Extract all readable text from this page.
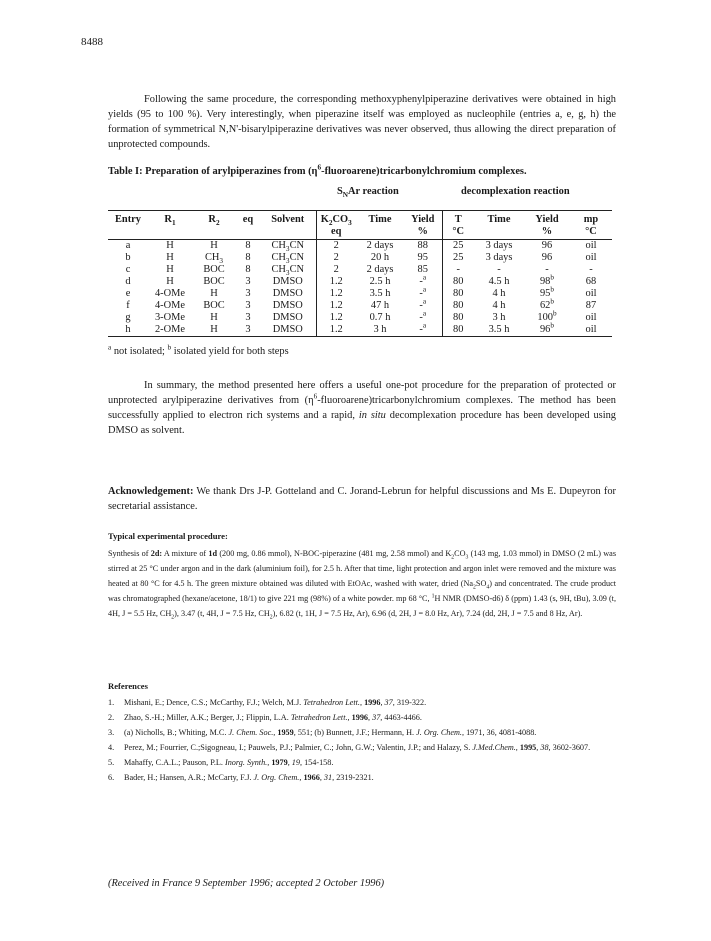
8488

Following the same procedure, the corresponding methoxyphenylpiperazine derivatives were obtained in high yields (95 to 100 %). Very interestingly, when piperazine itself was employed as nucleophile (entries a, e, g, h) the formation of symmetrical N,N'-bisarylpiperazine derivatives was never observed, thus allowing the direct preparation of unprotected compounds.

Table I: Preparation of arylpiperazines from $(\eta^6-fluoroarene)tricarbonylchromium$ complexes.
$S_NAr$ reaction	decomplexation reaction
Entry	$R_1$	$R_2$	eq	Solvent	$K_2CO_3$	Time	Yield	T	Time	Yield	mp
					eq		%	°C		%	°C
a	H	H	8	$CH_3CN$	2	2 days	88	25	3 days	96	oil
b	H	$CH_3$	8	$CH_3CN$	2	20 h	95	25	3 days	96	oil
c	H	BOC	8	$CH_3CN$	2	2 days	85	-	-	-	-
d	H	BOC	3	DMSO	1.2	2.5 h	-$^a$	80	4.5 h	98$^b$	68
e	4-OMe	H	3	DMSO	1.2	3.5 h	-$^a$	80	4 h	95$^b$	oil
f	4-OMe	BOC	3	DMSO	1.2	47 h	-$^a$	80	4 h	62$^b$	87
g	3-OMe	H	3	DMSO	1.2	0.7 h	-$^a$	80	3 h	100$^b$	oil
h	2-OMe	H	3	DMSO	1.2	3 h	-$^a$	80	3.5 h	96$^b$	oil
$^a$ not isolated; $^b$ isolated yield for both steps

In summary, the method presented here offers a useful one-pot procedure for the preparation of protected or unprotected arylpiperazine derivatives from $(\eta^6-fluoroarene)tricarbonylchromium$ complexes. The method has been successfully applied to electron rich systems and a rapid, in situ decomplexation procedure has been developed using DMSO as solvent.

Acknowledgement: We thank Drs J-P. Gotteland and C. Jorand-Lebrun for helpful discussions and Ms E. Dupeyron for secretarial assistance.

Typical experimental procedure:

Synthesis of 2d: A mixture of 1d (200 mg, 0.86 mmol), N-BOC-piperazine (481 mg, 2.58 mmol) and $K_2CO_3$ (143 mg, 1.03 mmol) in DMSO (2 mL) was stirred at 25 °C under argon and in the dark (aluminium foil), for 2.5 h. After that time, light protection and argon inlet were removed and the mixture was heated at 80 °C for 4.5 h. The green mixture obtained was diluted with EtOAc, washed with water, dried $(Na_2SO_4)$ and concentrated. The crude product was chromatographed (hexane/acetone, 18/1) to give 221 mg (98%) of a white powder. mp 68 °C, $^1$H NMR (DMSO-d6) δ (ppm) 1.43 (s, 9H, tBu), 3.09 (t, 4H, J = 5.5 Hz, $CH_2$), 3.47 (t, 4H, J = 7.5 Hz, $CH_2$), 6.82 (t, 1H, J = 7.5 Hz, Ar), 6.96 (d, 2H, J = 8.0 Hz, Ar), 7.24 (dd, 2H, J = 7.5 and 8 Hz, Ar).

References
1.	Mishani, E.; Dence, C.S.; McCarthy, F.J.; Welch, M.J. Tetrahedron Lett., 1996, 37, 319-322.
2.	Zhao, S.-H.; Miller, A.K.; Berger, J.; Flippin, L.A. Tetrahedron Lett., 1996, 37, 4463-4466.
3.	(a) Nicholls, B.; Whiting, M.C. J. Chem. Soc., 1959, 551; (b) Bunnett, J.F.; Hermann, H. J. Org. Chem., 1971, 36, 4081-4088.
4.	Perez, M.; Fourrier, C.;Sigogneau, I.; Pauwels, P.J.; Palmier, C.; John, G.W.; Valentin, J.P.; and Halazy, S. J.Med.Chem., 1995, 38, 3602-3607.
5.	Mahaffy, C.A.L.; Pauson, P.L. Inorg. Synth., 1979, 19, 154-158.
6.	Bader, H.; Hansen, A.R.; McCarty, F.J. J. Org. Chem., 1966, 31, 2319-2321.
(Received in France 9 September 1996; accepted 2 October 1996)
